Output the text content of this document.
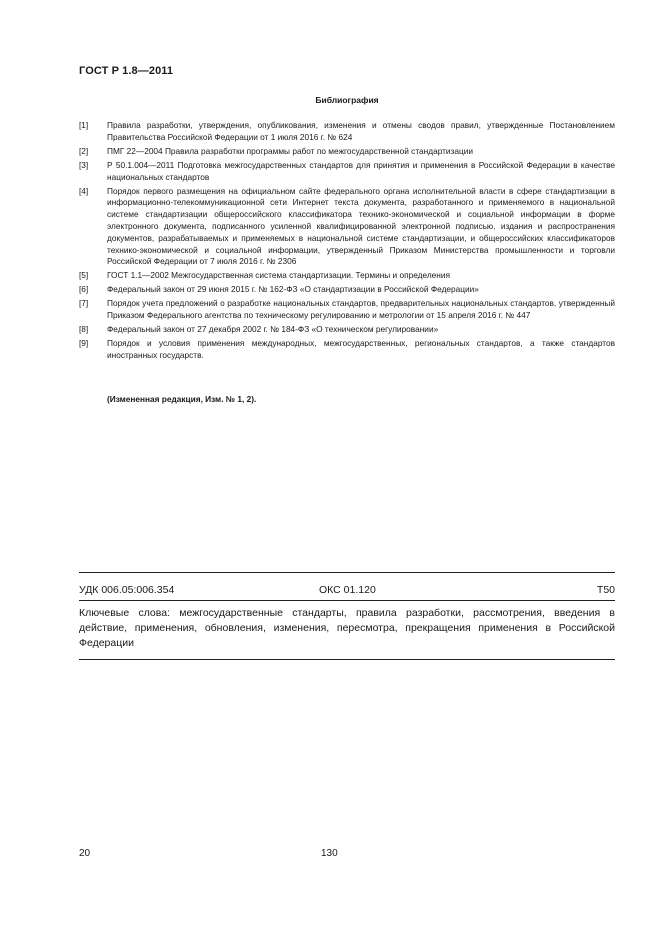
ГОСТ Р 1.8—2011
Библиография
[1]	Правила разработки, утверждения, опубликования, изменения и отмены сводов правил, утвержденные Постановлением Правительства Российской Федерации от 1 июля 2016 г. № 624
[2]	ПМГ 22—2004 Правила разработки программы работ по межгосударственной стандартизации
[3]	Р 50.1.004—2011 Подготовка межгосударственных стандартов для принятия и применения в Российской Федерации в качестве национальных стандартов
[4]	Порядок первого размещения на официальном сайте федерального органа исполнительной власти в сфере стандартизации в информационно-телекоммуникационной сети Интернет текста документа, разработанного и применяемого в национальной системе стандартизации общероссийского классификатора технико-экономической и социальной информации в форме электронного документа, подписанного усиленной квалифицированной электронной подписью, издания и распространения документов, разрабатываемых и применяемых в национальной системе стандартизации, и общероссийских классификаторов технико-экономической и социальной информации, утвержденный Приказом Министерства промышленности и торговли Российской Федерации от 7 июля 2016 г. № 2306
[5]	ГОСТ 1.1—2002 Межгосударственная система стандартизации. Термины и определения
[6]	Федеральный закон от 29 июня 2015 г. № 162-ФЗ «О стандартизации в Российской Федерации»
[7]	Порядок учета предложений о разработке национальных стандартов, предварительных национальных стандартов, утвержденный Приказом Федерального агентства по техническому регулированию и метрологии от 15 апреля 2016 г. № 447
[8]	Федеральный закон от 27 декабря 2002 г. № 184-ФЗ «О техническом регулировании»
[9]	Порядок и условия применения международных, межгосударственных, региональных стандартов, а также стандартов иностранных государств.
(Измененная редакция, Изм. № 1, 2).
УДК 006.05:006.354	ОКС 01.120	Т50
Ключевые слова: межгосударственные стандарты, правила разработки, рассмотрения, введения в действие, применения, обновления, изменения, пересмотра, прекращения применения в Российской Федерации
20	130
